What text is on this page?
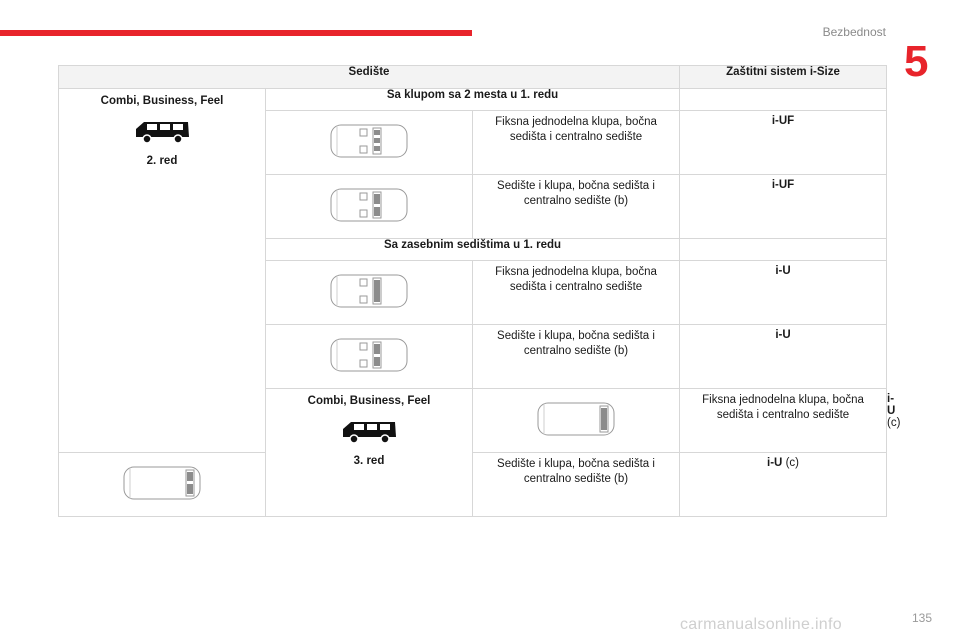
Bezbednost
5
Sedište			Zaštitni sistem i-Size	

Combi, Business, Feel
2. red	Sa klupom sa 2 mesta u 1. redu			
	Fiksna jednodelna klupa, bočna sedišta i centralno sedište	i-UF	
	Sedište i klupa, bočna sedišta i centralno sedište (b)	i-UF	
	Sa zasebnim sedištima u 1. redu			
	Fiksna jednodelna klupa, bočna sedišta i centralno sedište	i-U	
	Sedište i klupa, bočna sedišta i centralno sedište (b)	i-U	

	Combi, Business, Feel
3. red		Fiksna jednodelna klupa, bočna sedišta i centralno sedište	i-U (c)
	Sedište i klupa, bočna sedišta i centralno sedište (b)	i-U (c)	
carmanualsonline.info	135
